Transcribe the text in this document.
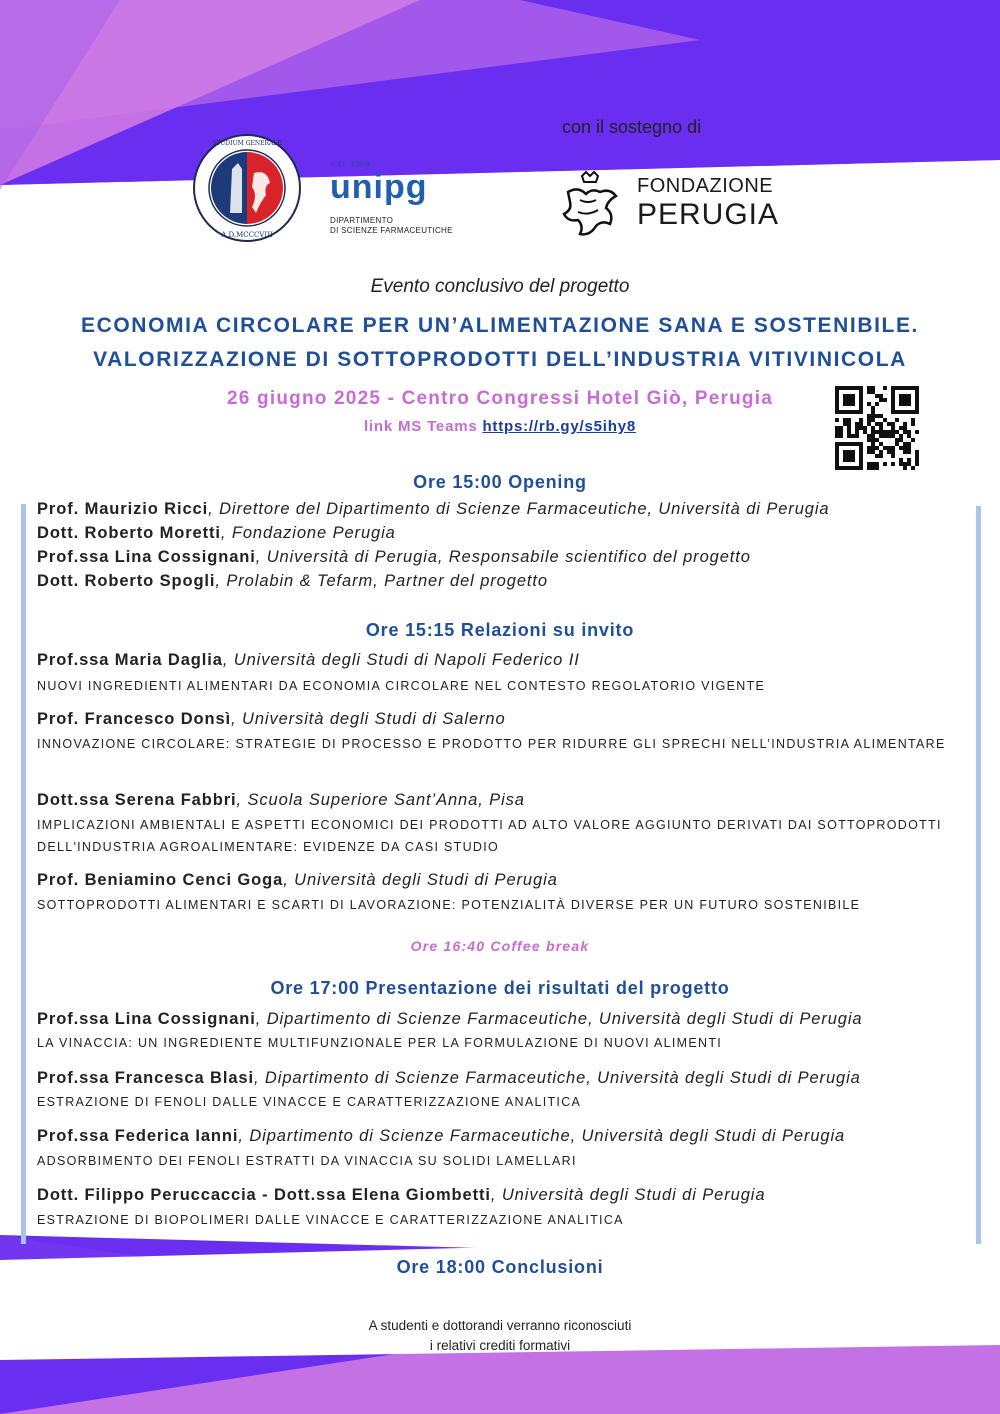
STUDIUM GENERALE
A.D.MCCCVIII
A.D. 1308
unipg
DIPARTIMENTO
DI SCIENZE FARMACEUTICHE
con il sostegno di
FONDAZIONE
PERUGIA
Evento conclusivo del progetto
ECONOMIA CIRCOLARE PER UN’ALIMENTAZIONE SANA E SOSTENIBILE.
VALORIZZAZIONE DI SOTTOPRODOTTI DELL’INDUSTRIA VITIVINICOLA
26 giugno 2025 - Centro Congressi Hotel Giò, Perugia
link MS Teams https://rb.gy/s5ihy8
Ore 15:00 Opening
Prof. Maurizio Ricci, Direttore del Dipartimento di Scienze Farmaceutiche, Università di Perugia
Dott. Roberto Moretti, Fondazione Perugia
Prof.ssa Lina Cossignani, Università di Perugia, Responsabile scientifico del progetto
Dott. Roberto Spogli, Prolabin & Tefarm, Partner del progetto
Ore 15:15 Relazioni su invito
Prof.ssa Maria Daglia, Università degli Studi di Napoli Federico II
NUOVI INGREDIENTI ALIMENTARI DA ECONOMIA CIRCOLARE NEL CONTESTO REGOLATORIO VIGENTE
Prof. Francesco Donsì, Università degli Studi di Salerno
INNOVAZIONE CIRCOLARE: STRATEGIE DI PROCESSO E PRODOTTO PER RIDURRE GLI SPRECHI NELL’INDUSTRIA ALIMENTARE
Dott.ssa Serena Fabbri, Scuola Superiore Sant’Anna, Pisa
IMPLICAZIONI AMBIENTALI E ASPETTI ECONOMICI DEI PRODOTTI AD ALTO VALORE AGGIUNTO DERIVATI DAI SOTTOPRODOTTI DELL'INDUSTRIA AGROALIMENTARE: EVIDENZE DA CASI STUDIO
Prof. Beniamino Cenci Goga, Università degli Studi di Perugia
SOTTOPRODOTTI ALIMENTARI E SCARTI DI LAVORAZIONE: POTENZIALITÀ DIVERSE PER UN FUTURO SOSTENIBILE
Ore 16:40 Coffee break
Ore 17:00 Presentazione dei risultati del progetto
Prof.ssa Lina Cossignani, Dipartimento di Scienze Farmaceutiche, Università degli Studi di Perugia
LA VINACCIA: UN INGREDIENTE MULTIFUNZIONALE PER LA FORMULAZIONE DI NUOVI ALIMENTI
Prof.ssa Francesca Blasi, Dipartimento di Scienze Farmaceutiche, Università degli Studi di Perugia
ESTRAZIONE DI FENOLI DALLE VINACCE E CARATTERIZZAZIONE ANALITICA
Prof.ssa Federica Ianni, Dipartimento di Scienze Farmaceutiche, Università degli Studi di Perugia
ADSORBIMENTO DEI FENOLI ESTRATTI DA VINACCIA SU SOLIDI LAMELLARI
Dott. Filippo Peruccaccia - Dott.ssa Elena Giombetti, Università degli Studi di Perugia
ESTRAZIONE DI BIOPOLIMERI DALLE VINACCE E CARATTERIZZAZIONE ANALITICA
Ore 18:00 Conclusioni
A studenti e dottorandi verranno riconosciuti
i relativi crediti formativi
